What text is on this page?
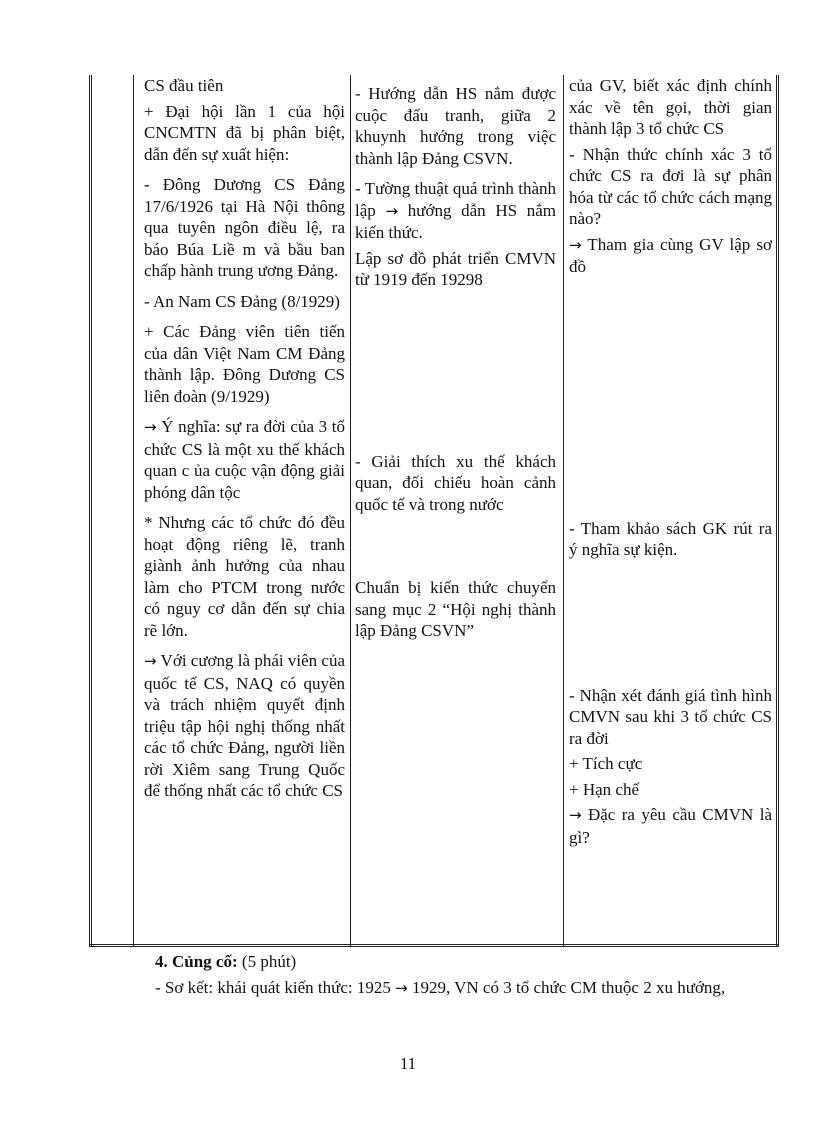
CS đầu tiên

+ Đại hội lần 1 của hội CNCMTN đã bị phân biệt, dẫn đến sự xuất hiện:

- Đông Dương CS Đảng 17/6/1926 tại Hà Nội thông qua tuyên ngôn điều lệ, ra báo Búa Liề m và bầu ban chấp hành trung ương Đảng.

- An Nam CS Đảng (8/1929)

+ Các Đảng viên tiên tiến của dân Việt Nam CM Đảng thành lập. Đông Dương CS liên đoàn (9/1929)

→ Ý nghĩa: sự ra đời của 3 tổ chức CS là một xu thế khách quan c ủa cuộc vận động giải phóng dân tộc

* Nhưng các tổ chức đó đều hoạt động riêng lẽ, tranh giành ảnh hưởng của nhau làm cho PTCM trong nước có nguy cơ dẫn đến sự chia rẽ lớn.

→ Với cương là phái viên của quốc tế CS, NAQ có quyền và trách nhiệm quyết định triệu tập hội nghị thống nhất các tổ chức Đảng, người liền rời Xiêm sang Trung Quốc để thống nhất các tổ chức CS

- Hướng dẫn HS nắm được cuộc đấu tranh, giữa 2 khuynh hướng trong việc thành lập Đảng CSVN.

- Tường thuật quá trình thành lập → hướng dẫn HS nắm kiến thức.

Lập sơ đồ phát triển CMVN từ 1919 đến 19298

- Giải thích xu thế khách quan, đối chiếu hoàn cảnh quốc tế và trong nước

Chuẩn bị kiến thức chuyển sang mục 2 “Hội nghị thành lập Đảng CSVN”

của GV, biết xác định chính xác về tên gọi, thời gian thành lập 3 tổ chức CS

- Nhận thức chính xác 3 tổ chức CS ra đơi là sự phân hóa từ các tổ chức cách mạng nào?

→ Tham gia cùng GV lập sơ đồ

- Tham khảo sách GK rút ra ý nghĩa sự kiện.

- Nhận xét đánh giá tình hình CMVN sau khi 3 tổ chức CS ra đời

+ Tích cực

+ Hạn chế

→ Đặc ra yêu cầu CMVN là gì?

4. Củng cố: (5 phút)
- Sơ kết: khái quát kiến thức: 1925 → 1929, VN có 3 tổ chức CM thuộc 2 xu hướng,
11
